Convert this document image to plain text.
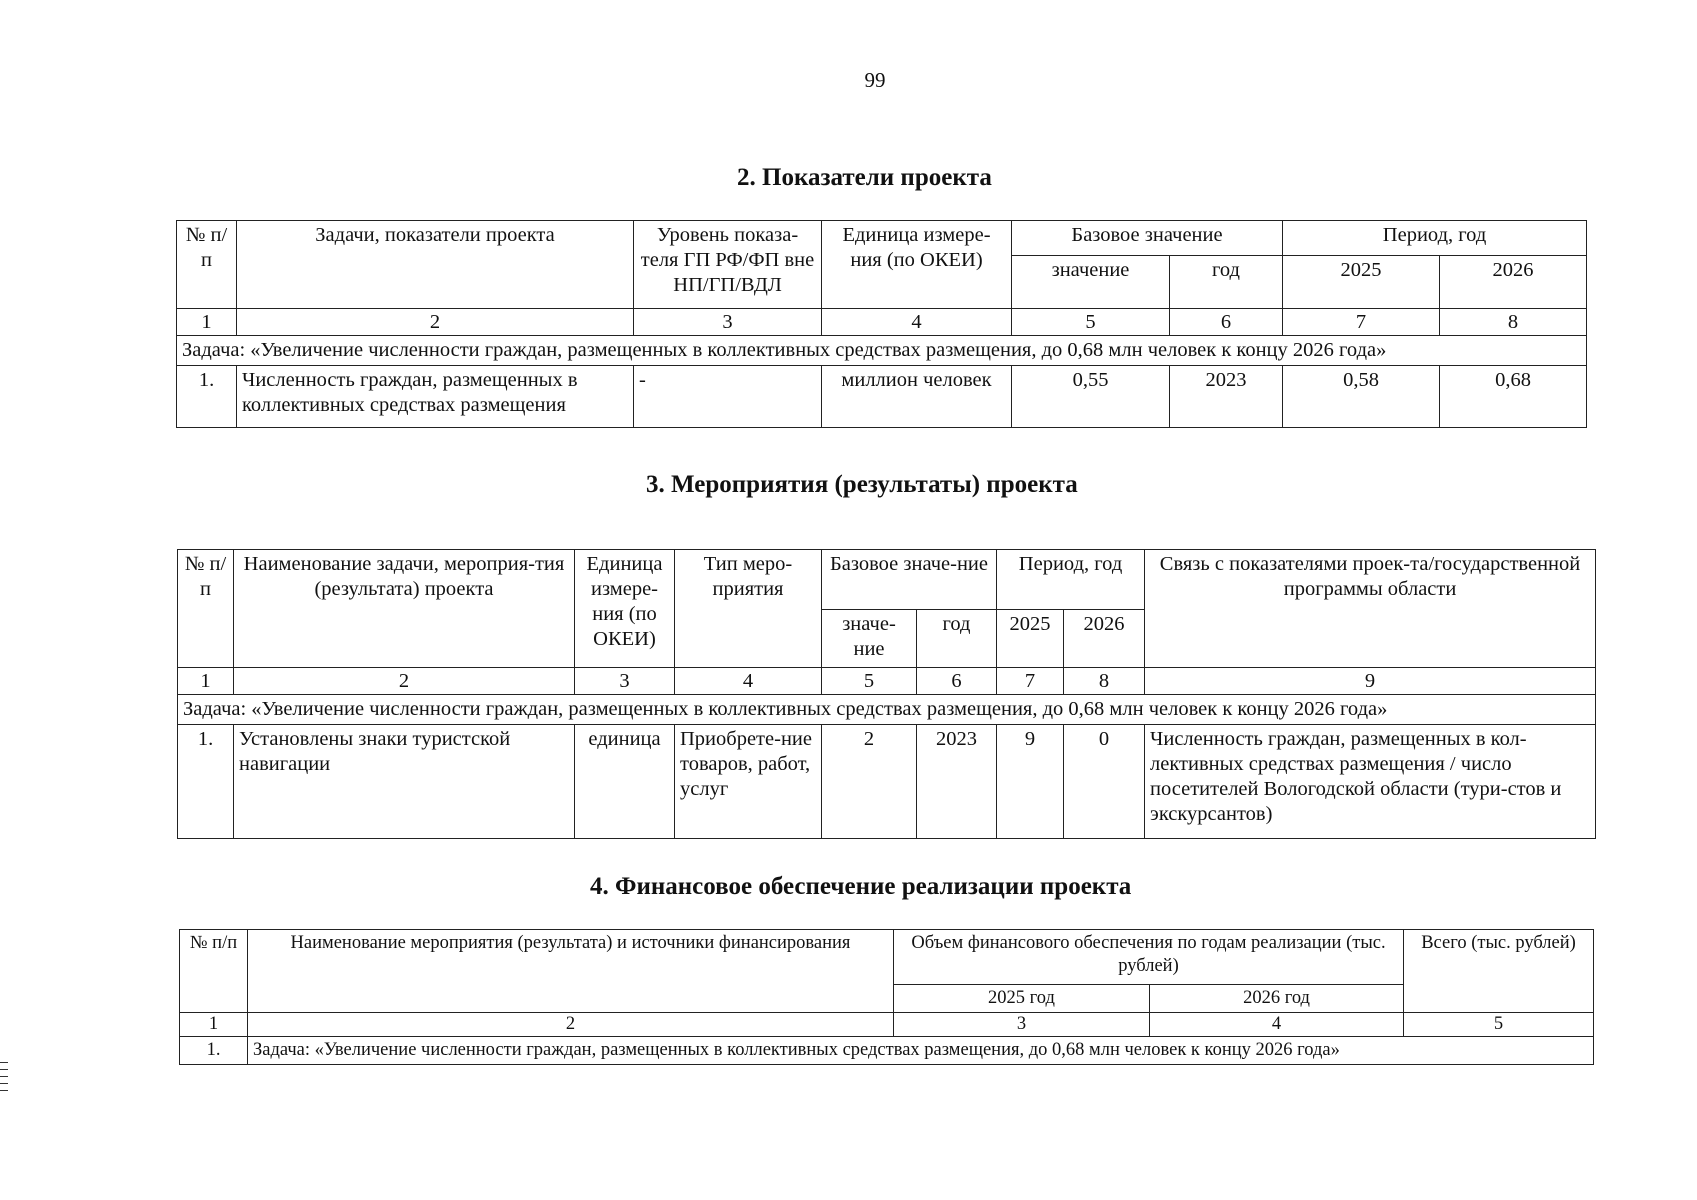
99
2. Показатели проекта
№ п/п	Задачи, показатели проекта	Уровень показа-теля ГП РФ/ФП вне НП/ГП/ВДЛ	Единица измере-ния (по ОКЕИ)	Базовое значение		Период, год	
				значение	год	2025	2026
1	2	3	4	5	6	7	8
Задача: «Увеличение численности граждан, размещенных в коллективных средствах размещения, до 0,68 млн человек к концу 2026 года»							
1.	Численность граждан, размещенных в коллективных средствах размещения	-	миллион человек	0,55	2023	0,58	0,68
3. Мероприятия (результаты) проекта
№ п/п	Наименование задачи, мероприя-тия (результата) проекта	Единица измере-ния (по ОКЕИ)	Тип меро-приятия	Базовое значе-ние		Период, год		Связь с показателями проек-та/государственной программы области
				значе-ние	год	2025	2026	
1	2	3	4	5	6	7	8	9
Задача: «Увеличение численности граждан, размещенных в коллективных средствах размещения, до 0,68 млн человек к концу 2026 года»								
1.	Установлены знаки туристской навигации	единица	Приобрете-ние товаров, работ, услуг	2	2023	9	0	Численность граждан, размещенных в кол-лективных средствах размещения / число посетителей Вологодской области (тури-стов и экскурсантов)
4. Финансовое обеспечение реализации проекта
№ п/п	Наименование мероприятия (результата) и источники финансирования	Объем финансового обеспечения по годам реализации (тыс. рублей)		Всего (тыс. рублей)
		2025 год	2026 год	
1	2	3	4	5
1.	Задача: «Увеличение численности граждан, размещенных в коллективных средствах размещения, до 0,68 млн человек к концу 2026 года»			
